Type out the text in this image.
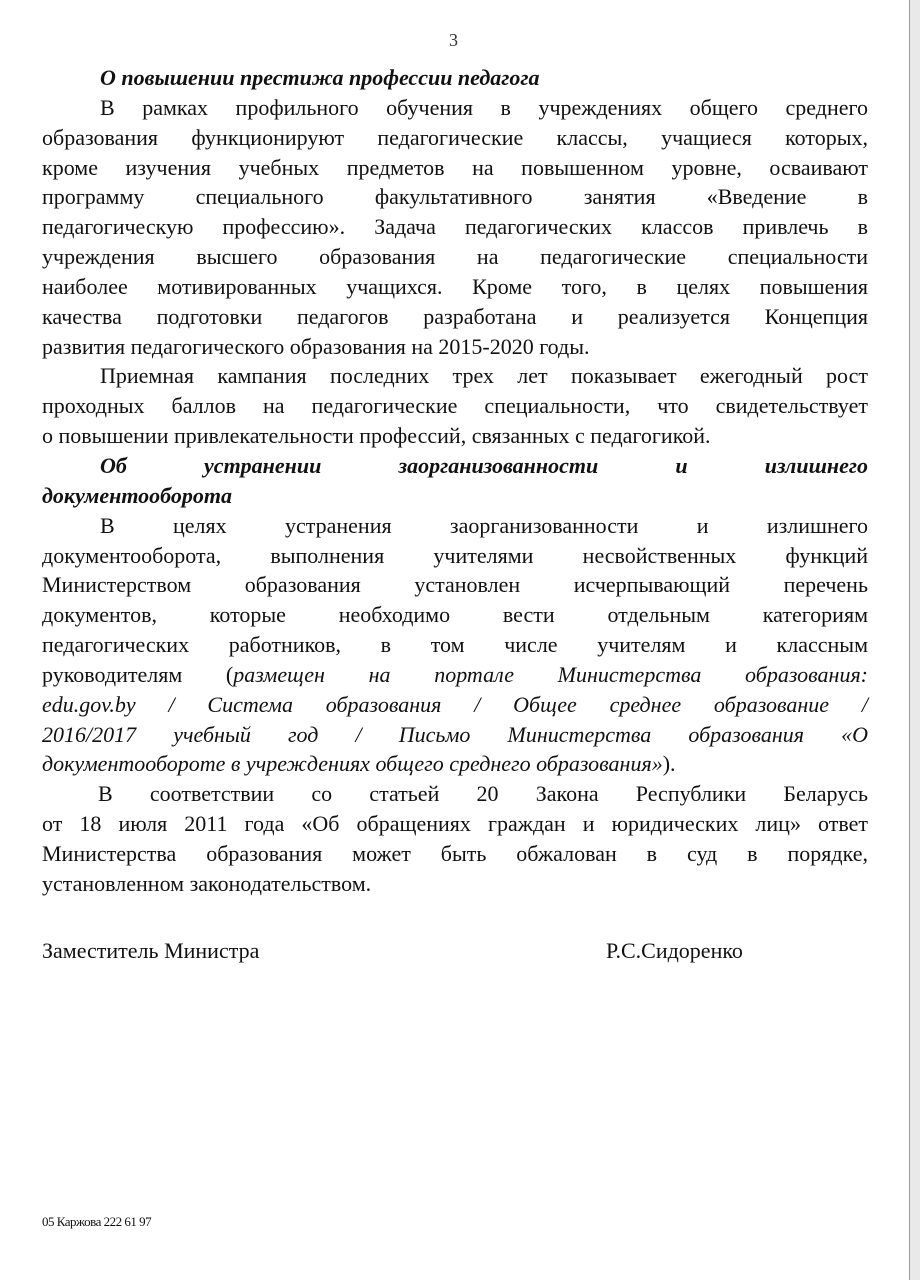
3
О повышении престижа профессии педагога
В рамках профильного обучения в учреждениях общего среднего
образования функционируют педагогические классы, учащиеся которых,
кроме изучения учебных предметов на повышенном уровне, осваивают
программу специального факультативного занятия «Введение в
педагогическую профессию». Задача педагогических классов привлечь в
учреждения высшего образования на педагогические специальности
наиболее мотивированных учащихся. Кроме того, в целях повышения
качества подготовки педагогов разработана и реализуется Концепция
развития педагогического образования на 2015-2020 годы.
Приемная кампания последних трех лет показывает ежегодный рост
проходных баллов на педагогические специальности, что свидетельствует
о повышении привлекательности профессий, связанных с педагогикой.
Об устранении заорганизованности и излишнего
документооборота
В целях устранения заорганизованности и излишнего
документооборота, выполнения учителями несвойственных функций
Министерством образования установлен исчерпывающий перечень
документов, которые необходимо вести отдельным категориям
педагогических работников, в том числе учителям и классным
руководителям (размещен на портале Министерства образования:
edu.gov.by / Система образования / Общее среднее образование /
2016/2017 учебный год / Письмо Министерства образования «О
документообороте в учреждениях общего среднего образования»).
В соответствии со статьей 20 Закона Республики Беларусь
от 18 июля 2011 года «Об обращениях граждан и юридических лиц» ответ
Министерства образования может быть обжалован в суд в порядке,
установленном законодательством.
Заместитель Министра	Р.С.Сидоренко
05 Каржова 222 61 97
